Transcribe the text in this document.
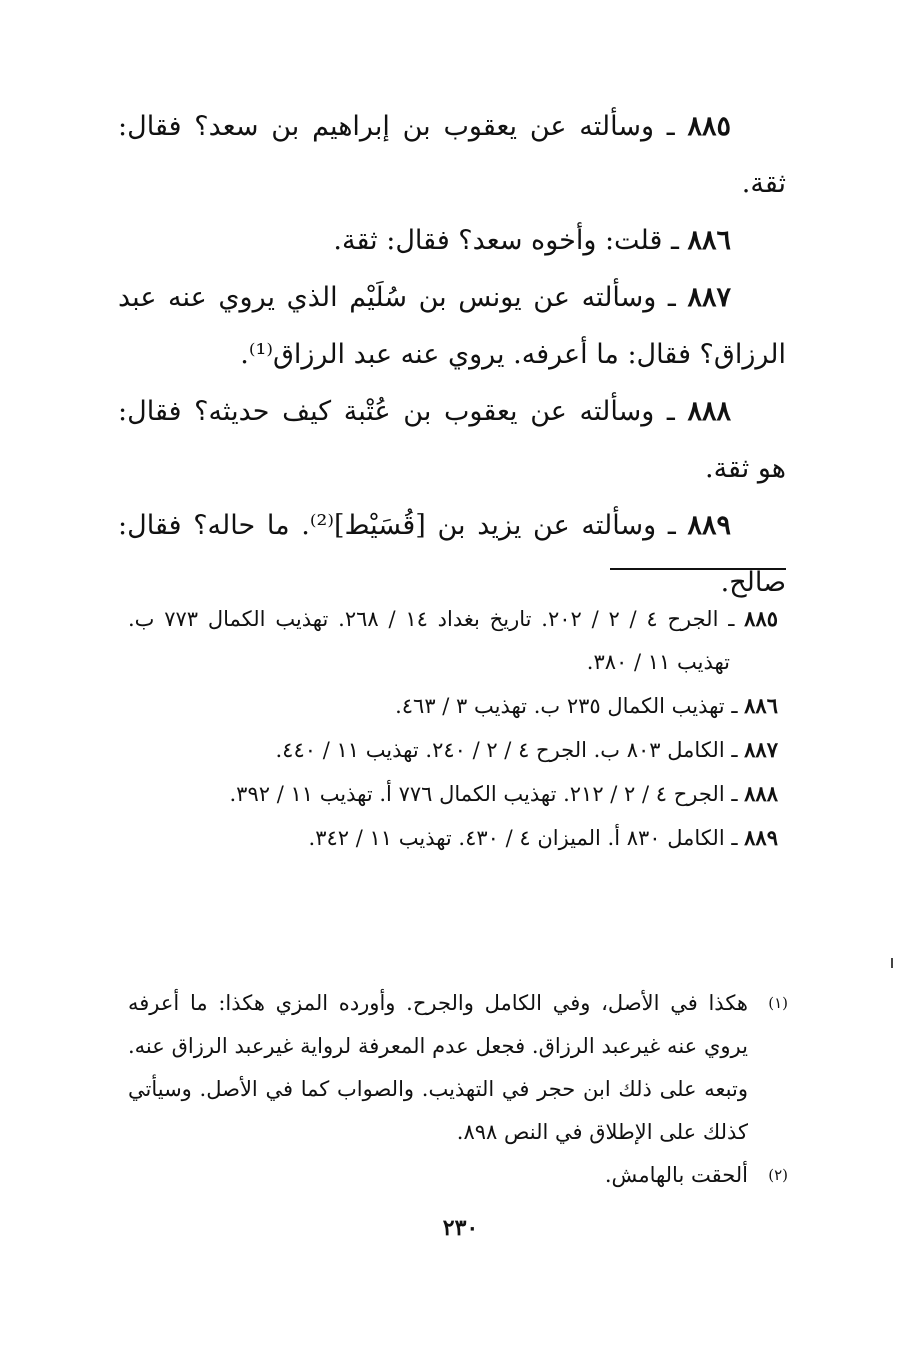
٨٨٥ ـ وسألته عن يعقوب بن إبراهيم بن سعد؟ فقال: ثقة.

٨٨٦ ـ قلت: وأخوه سعد؟ فقال: ثقة.

٨٨٧ ـ وسألته عن يونس بن سُلَيْم الذي يروي عنه عبد الرزاق؟ فقال: ما أعرفه. يروي عنه عبد الرزاق⁽¹⁾.

٨٨٨ ـ وسألته عن يعقوب بن عُتْبة كيف حديثه؟ فقال: هو ثقة.

٨٨٩ ـ وسألته عن يزيد بن [قُسَيْط]⁽²⁾. ما حاله؟ فقال: صالح.

٨٨٥ ـ الجرح ٤ / ٢ / ٢٠٢. تاريخ بغداد ١٤ / ٢٦٨. تهذيب الكمال ٧٧٣ ب. تهذيب ١١ / ٣٨٠.

٨٨٦ ـ تهذيب الكمال ٢٣٥ ب. تهذيب ٣ / ٤٦٣.

٨٨٧ ـ الكامل ٨٠٣ ب. الجرح ٤ / ٢ / ٢٤٠. تهذيب ١١ / ٤٤٠.

٨٨٨ ـ الجرح ٤ / ٢ / ٢١٢. تهذيب الكمال ٧٧٦ أ. تهذيب ١١ / ٣٩٢.

٨٨٩ ـ الكامل ٨٣٠ أ. الميزان ٤ / ٤٣٠. تهذيب ١١ / ٣٤٢.

(١)
هكذا في الأصل، وفي الكامل والجرح. وأورده المزي هكذا: ما أعرفه يروي عنه غيرعبد الرزاق. فجعل عدم المعرفة لرواية غيرعبد الرزاق عنه. وتبعه على ذلك ابن حجر في التهذيب. والصواب كما في الأصل. وسيأتي كذلك على الإطلاق في النص ٨٩٨.

(٢)
ألحقت بالهامش.

٢٣٠
